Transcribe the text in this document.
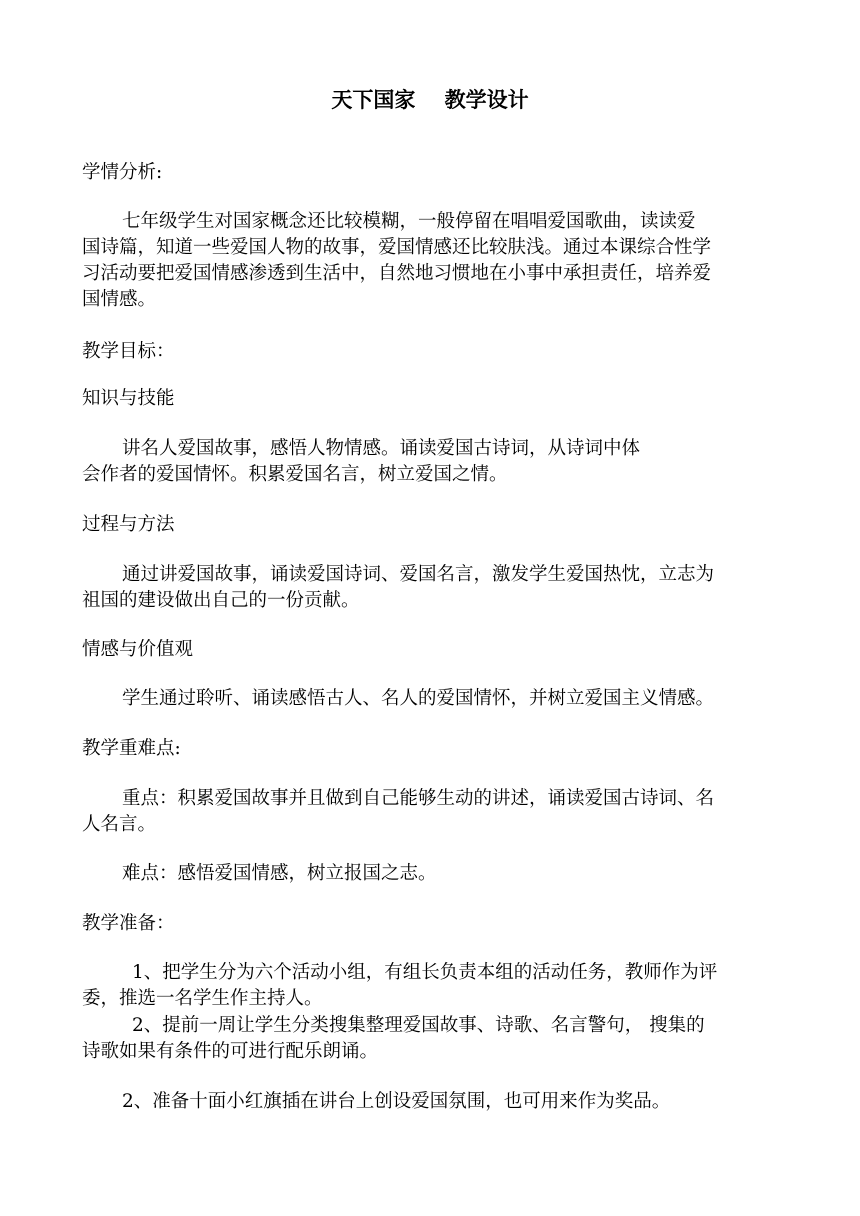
天下国家    教学设计
学情分析:
七年级学生对国家概念还比较模糊，一般停留在唱唱爱国歌曲，读读爱
国诗篇，知道一些爱国人物的故事，爱国情感还比较肤浅。通过本课综合性学
习活动要把爱国情感渗透到生活中，自然地习惯地在小事中承担责任，培养爱
国情感。
教学目标：
知识与技能
讲名人爱国故事，感悟人物情感。诵读爱国古诗词，从诗词中体
会作者的爱国情怀。积累爱国名言，树立爱国之情。
过程与方法
通过讲爱国故事，诵读爱国诗词、爱国名言，激发学生爱国热忱，立志为
祖国的建设做出自己的一份贡献。
情感与价值观
学生通过聆听、诵读感悟古人、名人的爱国情怀，并树立爱国主义情感。
教学重难点:
重点：积累爱国故事并且做到自己能够生动的讲述，诵读爱国古诗词、名
人名言。
难点：感悟爱国情感，树立报国之志。
教学准备：
1、把学生分为六个活动小组，有组长负责本组的活动任务，教师作为评
委，推选一名学生作主持人。
2、提前一周让学生分类搜集整理爱国故事、诗歌、名言警句， 搜集的
诗歌如果有条件的可进行配乐朗诵。
2、准备十面小红旗插在讲台上创设爱国氛围，也可用来作为奖品。
